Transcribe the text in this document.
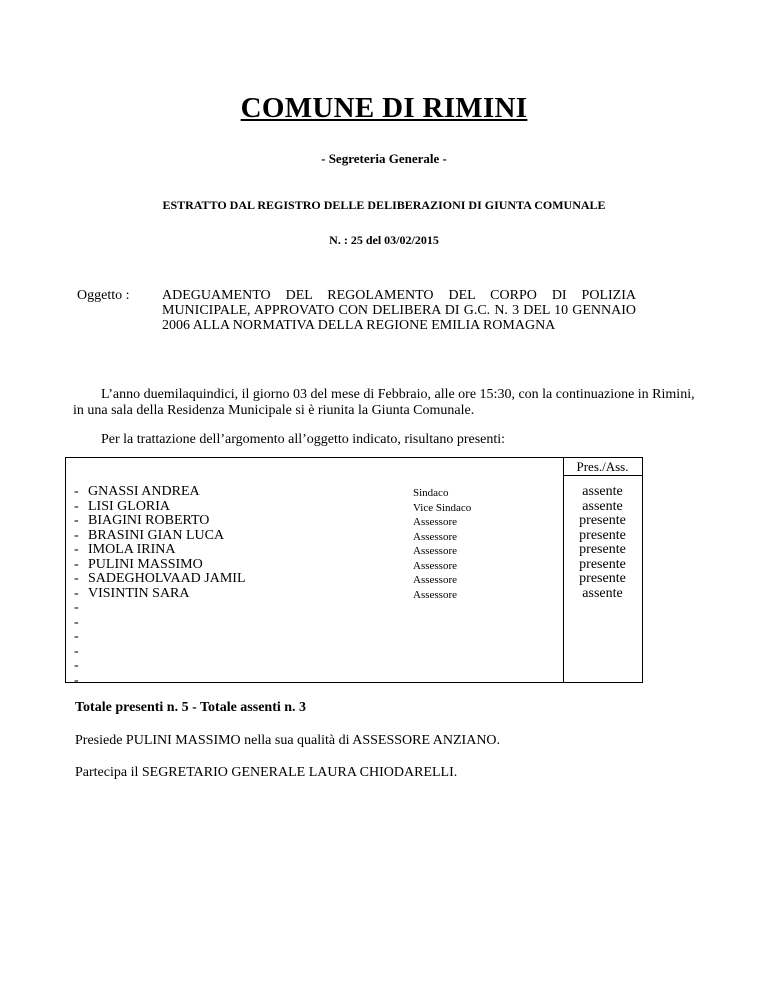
COMUNE DI RIMINI
- Segreteria Generale -
ESTRATTO DAL REGISTRO DELLE DELIBERAZIONI DI GIUNTA COMUNALE
N. : 25 del 03/02/2015
Oggetto : ADEGUAMENTO DEL REGOLAMENTO DEL CORPO DI POLIZIA MUNICIPALE, APPROVATO CON DELIBERA DI G.C. N. 3 DEL 10 GENNAIO 2006 ALLA NORMATIVA DELLA REGIONE EMILIA ROMAGNA
L’anno duemilaquindici, il giorno 03 del mese di Febbraio, alle ore 15:30, con la continuazione in Rimini, in una sala della Residenza Municipale si è riunita la Giunta Comunale.
Per la trattazione dell’argomento all’oggetto indicato, risultano presenti:
Pres./Ass.
- GNASSI ANDREA
- LISI GLORIA
- BIAGINI ROBERTO
- BRASINI GIAN LUCA
- IMOLA IRINA
- PULINI MASSIMO
- SADEGHOLVAAD JAMIL
- VISINTIN SARA
-
-
-
-
-
-
Sindaco
Vice Sindaco
Assessore
Assessore
Assessore
Assessore
Assessore
Assessore
assente
assente
presente
presente
presente
presente
presente
assente
Totale presenti n. 5 - Totale assenti n. 3
Presiede PULINI MASSIMO nella sua qualità di ASSESSORE ANZIANO.
Partecipa il SEGRETARIO GENERALE LAURA CHIODARELLI.
